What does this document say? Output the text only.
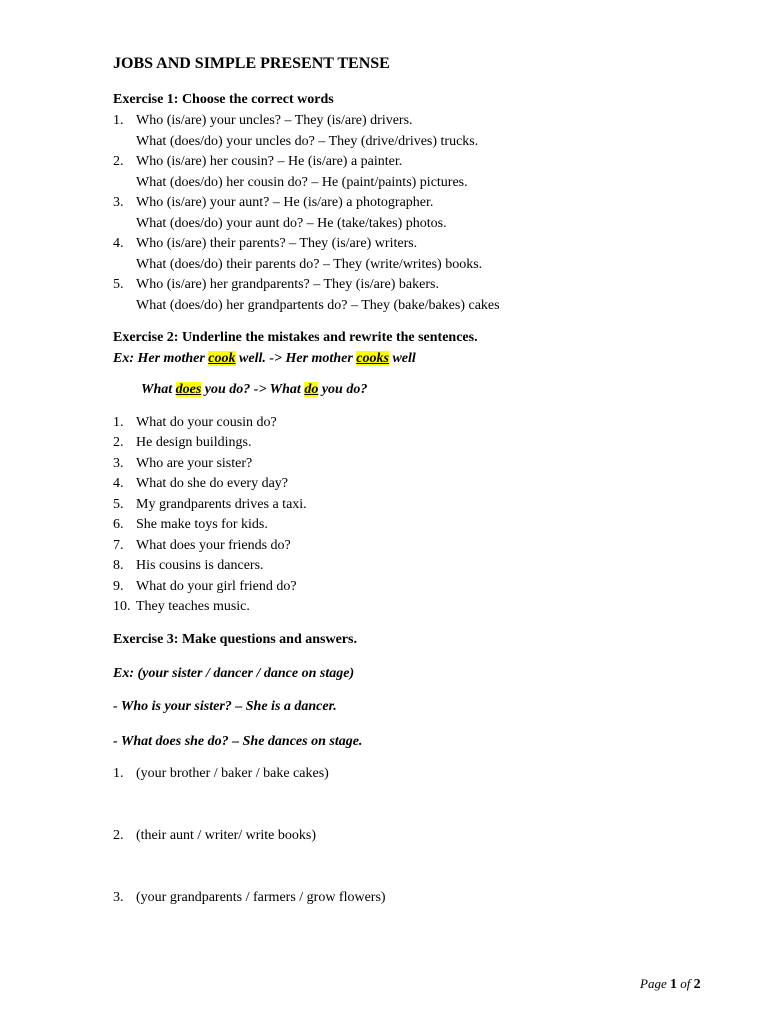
JOBS AND SIMPLE PRESENT TENSE
Exercise 1: Choose the correct words
1. Who (is/are) your uncles? – They (is/are) drivers.
What (does/do) your uncles do? – They (drive/drives) trucks.
2. Who (is/are) her cousin? – He (is/are) a painter.
What (does/do) her cousin do? – He (paint/paints) pictures.
3. Who (is/are) your aunt? – He (is/are) a photographer.
What (does/do) your aunt do? – He (take/takes) photos.
4. Who (is/are) their parents? – They (is/are) writers.
What (does/do) their parents do? – They (write/writes) books.
5. Who (is/are) her grandparents? – They (is/are) bakers.
What (does/do) her grandpartents do? – They (bake/bakes) cakes
Exercise 2: Underline the mistakes and rewrite the sentences.
Ex: Her mother cook well. -> Her mother cooks well
What does you do? -> What do you do?
1. What do your cousin do?
2. He design buildings.
3. Who are your sister?
4. What do she do every day?
5. My grandparents drives a taxi.
6. She make toys for kids.
7. What does your friends do?
8. His cousins is dancers.
9. What do your girl friend do?
10. They teaches music.
Exercise 3: Make questions and answers.
Ex: (your sister / dancer / dance on stage)
- Who is your sister? – She is a dancer.
- What does she do? – She dances on stage.
1. (your brother / baker / bake cakes)
2. (their aunt / writer/ write books)
3. (your grandparents / farmers / grow flowers)
Page 1 of 2
